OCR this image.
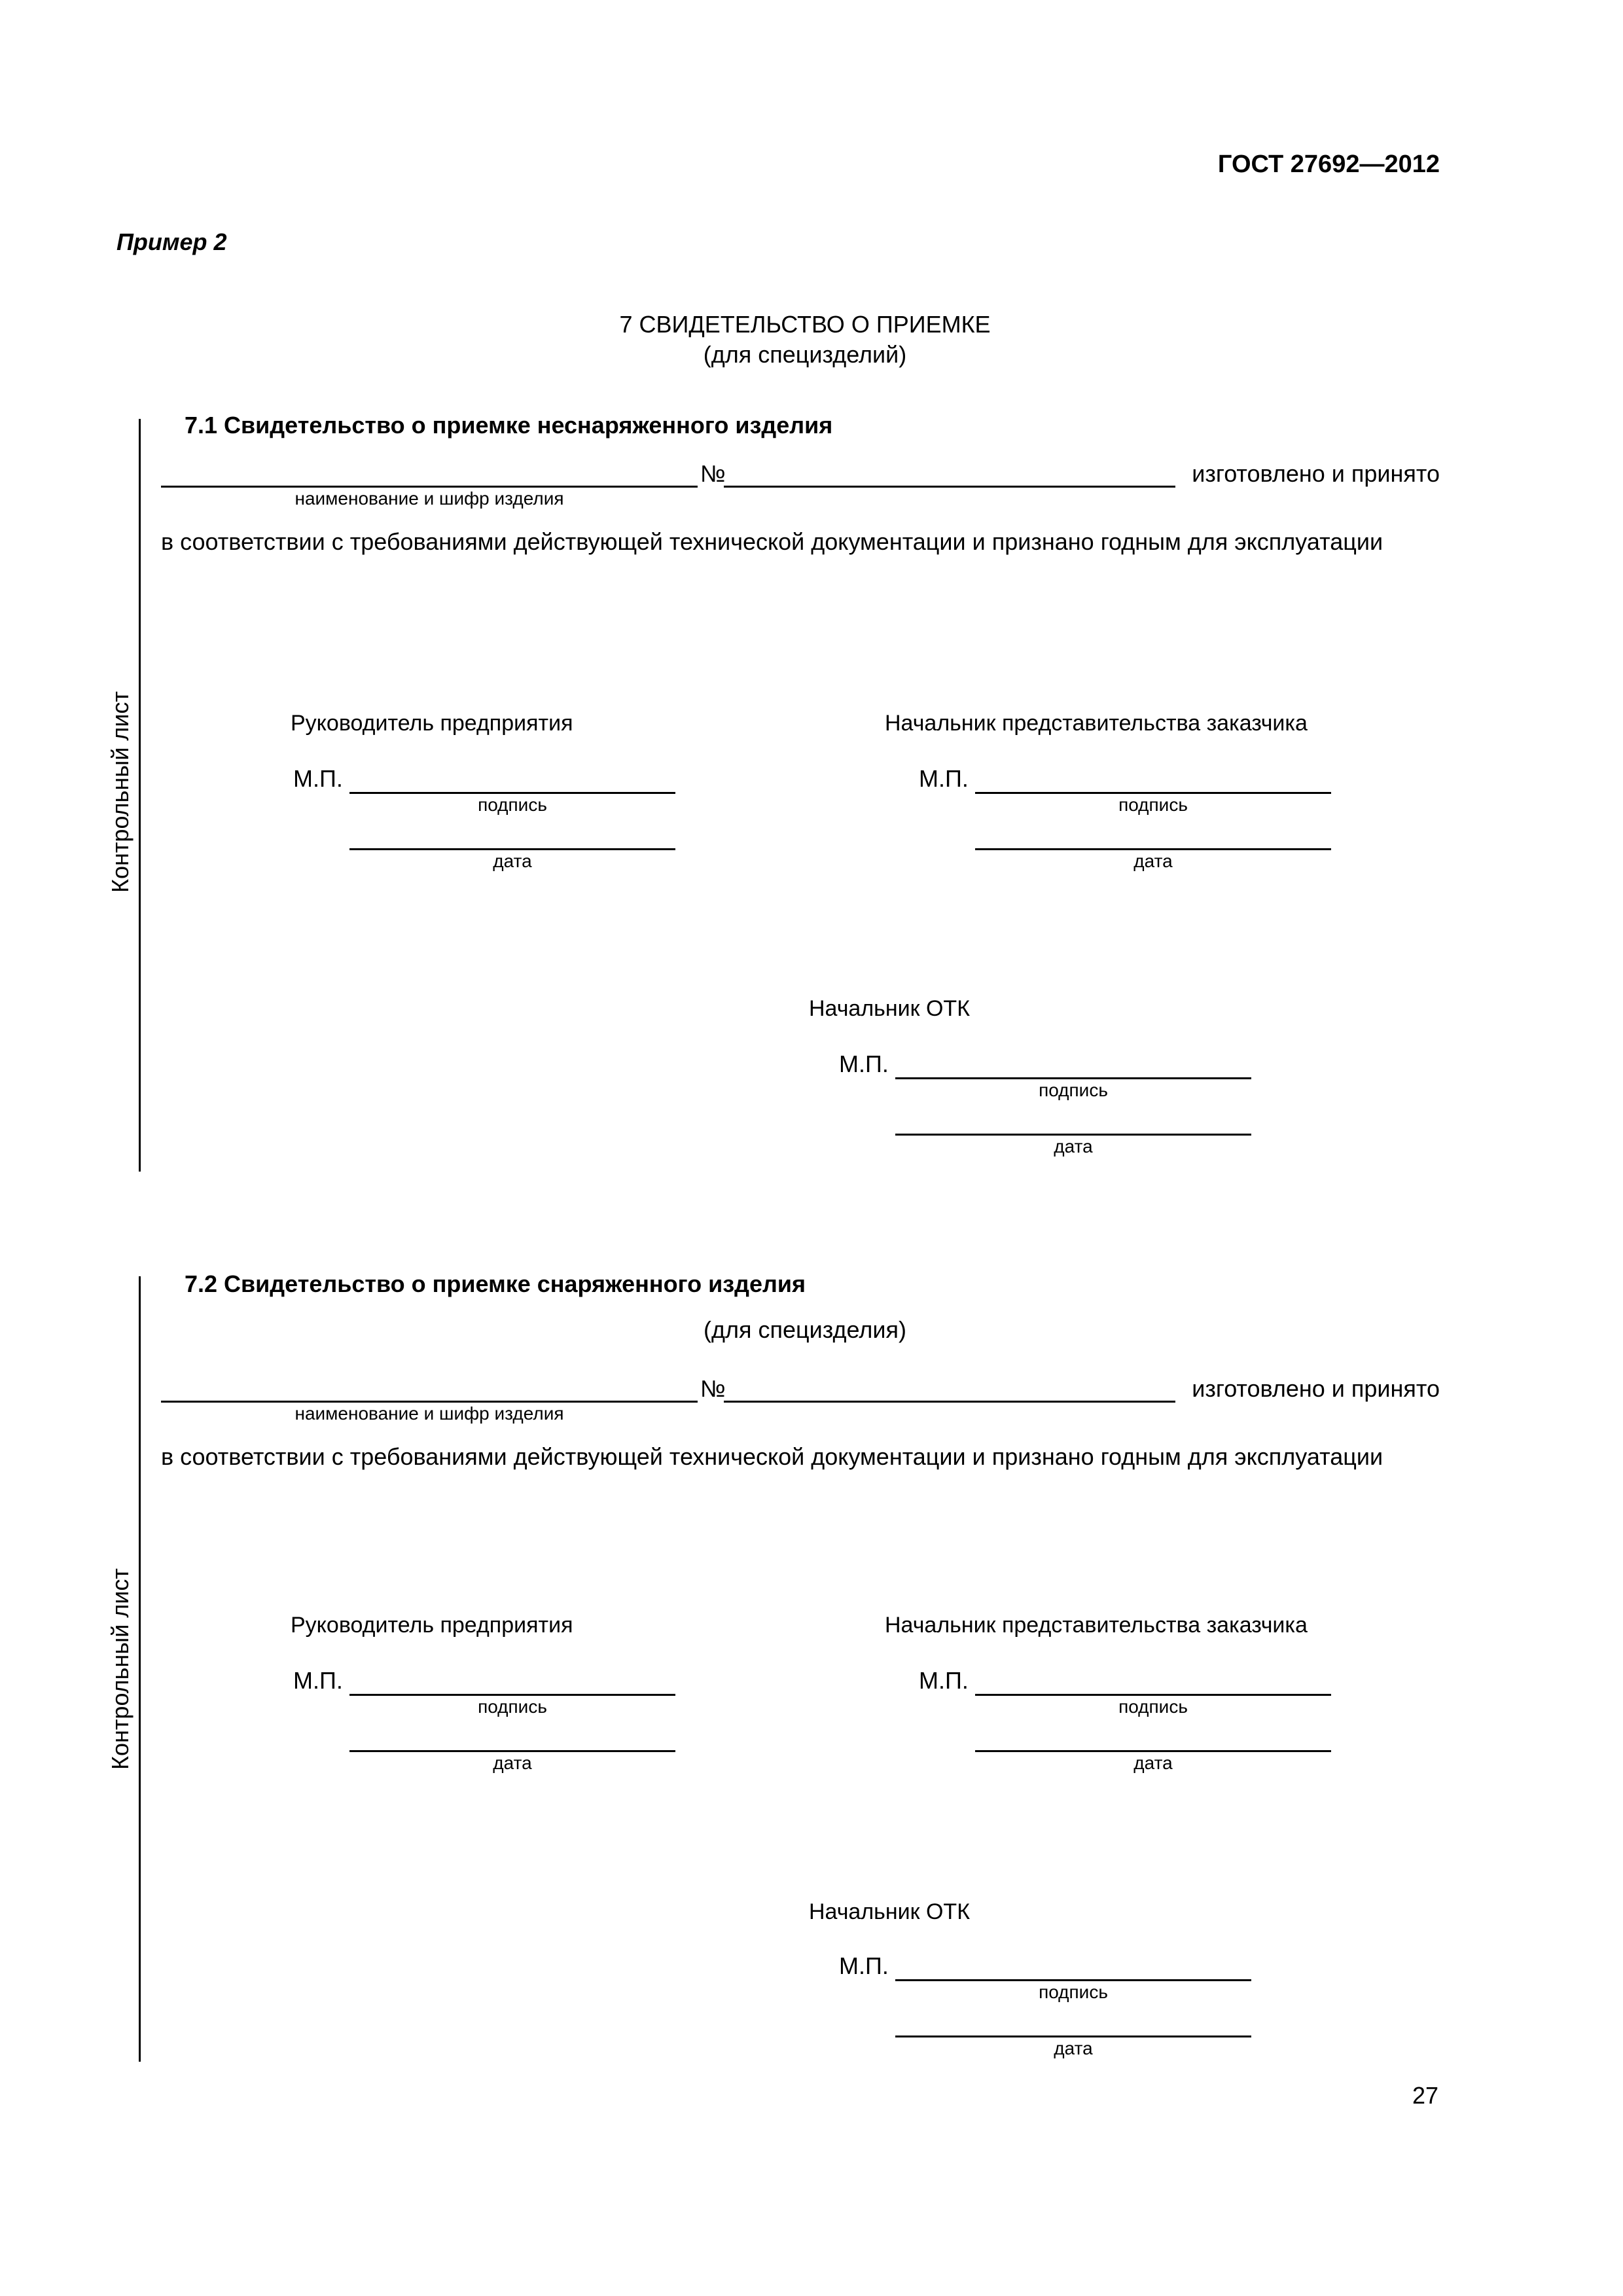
ГОСТ 27692—2012
Пример 2
7 СВИДЕТЕЛЬСТВО О ПРИЕМКЕ
(для специзделий)
Контрольный лист
7.1 Свидетельство о приемке неснаряженного изделия
№	изготовлено и принято
наименование и шифр изделия
в соответствии с требованиями действующей технической документации и признано годным для эксплуатации
Руководитель предприятия
М.П.
подпись
дата
Начальник представительства заказчика
М.П.
подпись
дата
Начальник ОТК
М.П.
подпись
дата
Контрольный лист
7.2 Свидетельство о приемке снаряженного изделия
(для специзделия)
№	изготовлено и принято
наименование и шифр изделия
в соответствии с требованиями действующей технической документации и признано годным для эксплуатации
Руководитель предприятия
М.П.
подпись
дата
Начальник представительства заказчика
М.П.
подпись
дата
Начальник ОТК
М.П.
подпись
дата
27
